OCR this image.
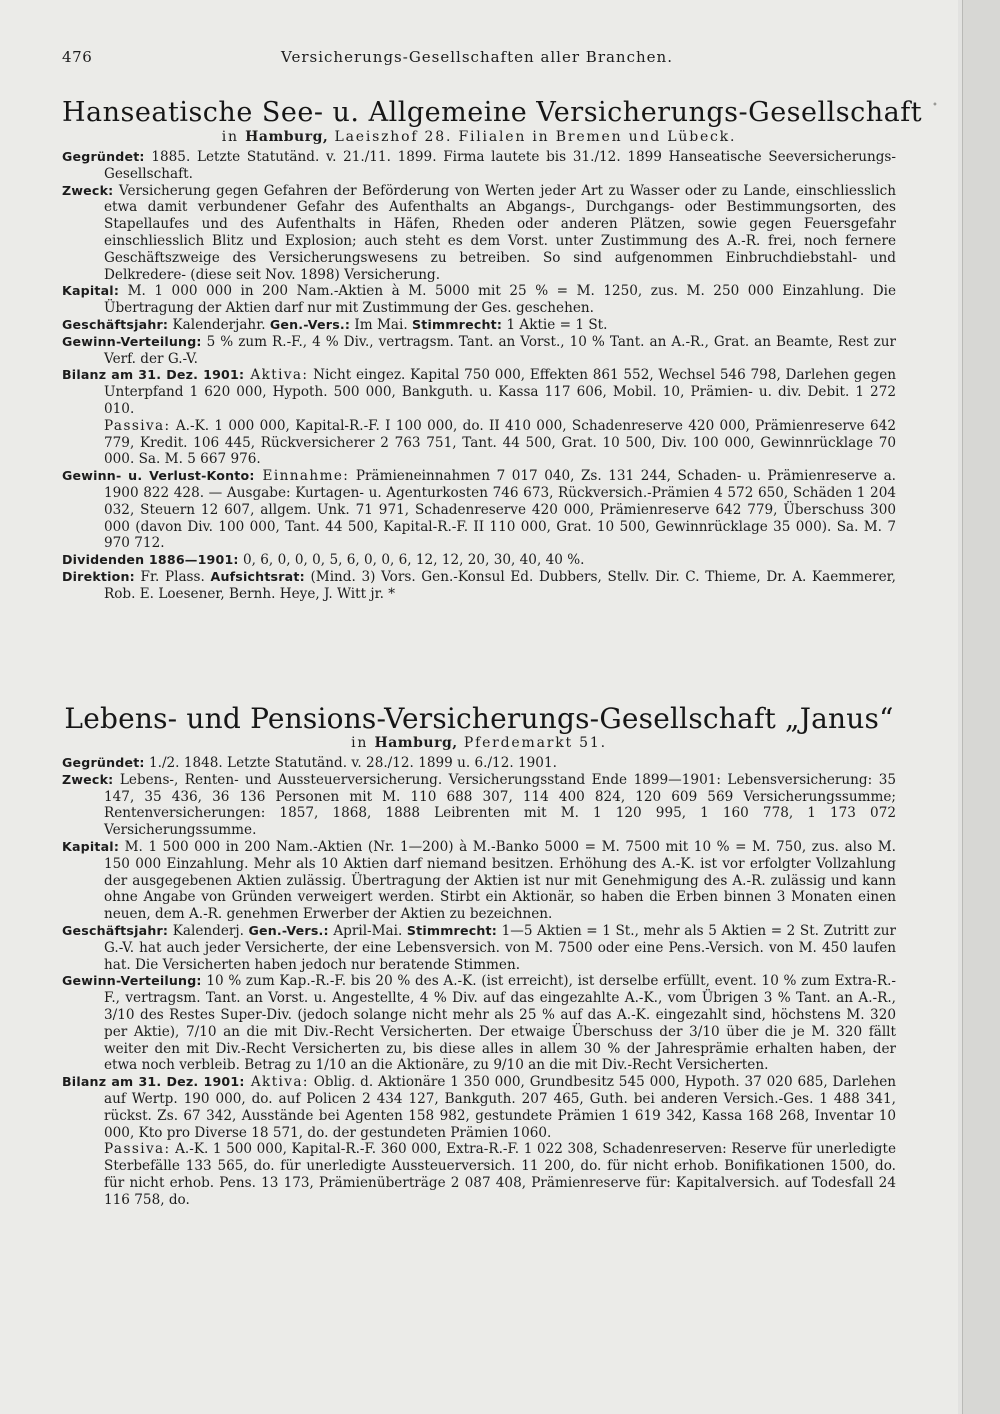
476	Versicherungs-Gesellschaften aller Branchen.
•
Hanseatische See- u. Allgemeine Versicherungs-Gesellschaft
in Hamburg, Laeiszhof 28. Filialen in Bremen und Lübeck.

Gegründet: 1885. Letzte Statutänd. v. 21./11. 1899. Firma lautete bis 31./12. 1899 Hanseatische Seeversicherungs-Gesellschaft.

Zweck: Versicherung gegen Gefahren der Beförderung von Werten jeder Art zu Wasser oder zu Lande, einschliesslich etwa damit verbundener Gefahr des Aufenthalts an Abgangs-, Durchgangs- oder Bestimmungsorten, des Stapellaufes und des Aufenthalts in Häfen, Rheden oder anderen Plätzen, sowie gegen Feuersgefahr einschliesslich Blitz und Explosion; auch steht es dem Vorst. unter Zustimmung des A.-R. frei, noch fernere Geschäftszweige des Versicherungswesens zu betreiben. So sind aufgenommen Einbruchdiebstahl- und Delkredere- (diese seit Nov. 1898) Versicherung.

Kapital: M. 1 000 000 in 200 Nam.-Aktien à M. 5000 mit 25 % = M. 1250, zus. M. 250 000 Einzahlung. Die Übertragung der Aktien darf nur mit Zustimmung der Ges. geschehen.

Geschäftsjahr: Kalenderjahr. Gen.-Vers.: Im Mai. Stimmrecht: 1 Aktie = 1 St.

Gewinn-Verteilung: 5 % zum R.-F., 4 % Div., vertragsm. Tant. an Vorst., 10 % Tant. an A.-R., Grat. an Beamte, Rest zur Verf. der G.-V.

Bilanz am 31. Dez. 1901: Aktiva: Nicht eingez. Kapital 750 000, Effekten 861 552, Wechsel 546 798, Darlehen gegen Unterpfand 1 620 000, Hypoth. 500 000, Bankguth. u. Kassa 117 606, Mobil. 10, Prämien- u. div. Debit. 1 272 010.

Passiva: A.-K. 1 000 000, Kapital-R.-F. I 100 000, do. II 410 000, Schadenreserve 420 000, Prämienreserve 642 779, Kredit. 106 445, Rückversicherer 2 763 751, Tant. 44 500, Grat. 10 500, Div. 100 000, Gewinnrücklage 70 000. Sa. M. 5 667 976.

Gewinn- u. Verlust-Konto: Einnahme: Prämieneinnahmen 7 017 040, Zs. 131 244, Schaden- u. Prämienreserve a. 1900 822 428. — Ausgabe: Kurtagen- u. Agenturkosten 746 673, Rückversich.-Prämien 4 572 650, Schäden 1 204 032, Steuern 12 607, allgem. Unk. 71 971, Schadenreserve 420 000, Prämienreserve 642 779, Überschuss 300 000 (davon Div. 100 000, Tant. 44 500, Kapital-R.-F. II 110 000, Grat. 10 500, Gewinnrücklage 35 000). Sa. M. 7 970 712.

Dividenden 1886—1901: 0, 6, 0, 0, 0, 5, 6, 0, 0, 6, 12, 12, 20, 30, 40, 40 %.

Direktion: Fr. Plass. Aufsichtsrat: (Mind. 3) Vors. Gen.-Konsul Ed. Dubbers, Stellv. Dir. C. Thieme, Dr. A. Kaemmerer, Rob. E. Loesener, Bernh. Heye, J. Witt jr. *

Lebens- und Pensions-Versicherungs-Gesellschaft „Janus“
in Hamburg, Pferdemarkt 51.

Gegründet: 1./2. 1848. Letzte Statutänd. v. 28./12. 1899 u. 6./12. 1901.

Zweck: Lebens-, Renten- und Aussteuerversicherung. Versicherungsstand Ende 1899—1901: Lebensversicherung: 35 147, 35 436, 36 136 Personen mit M. 110 688 307, 114 400 824, 120 609 569 Versicherungssumme; Rentenversicherungen: 1857, 1868, 1888 Leibrenten mit M. 1 120 995, 1 160 778, 1 173 072 Versicherungssumme.

Kapital: M. 1 500 000 in 200 Nam.-Aktien (Nr. 1—200) à M.-Banko 5000 = M. 7500 mit 10 % = M. 750, zus. also M. 150 000 Einzahlung. Mehr als 10 Aktien darf niemand besitzen. Erhöhung des A.-K. ist vor erfolgter Vollzahlung der ausgegebenen Aktien zulässig. Übertragung der Aktien ist nur mit Genehmigung des A.-R. zulässig und kann ohne Angabe von Gründen verweigert werden. Stirbt ein Aktionär, so haben die Erben binnen 3 Monaten einen neuen, dem A.-R. genehmen Erwerber der Aktien zu bezeichnen.

Geschäftsjahr: Kalenderj. Gen.-Vers.: April-Mai. Stimmrecht: 1—5 Aktien = 1 St., mehr als 5 Aktien = 2 St. Zutritt zur G.-V. hat auch jeder Versicherte, der eine Lebensversich. von M. 7500 oder eine Pens.-Versich. von M. 450 laufen hat. Die Versicherten haben jedoch nur beratende Stimmen.

Gewinn-Verteilung: 10 % zum Kap.-R.-F. bis 20 % des A.-K. (ist erreicht), ist derselbe erfüllt, event. 10 % zum Extra-R.-F., vertragsm. Tant. an Vorst. u. Angestellte, 4 % Div. auf das eingezahlte A.-K., vom Übrigen 3 % Tant. an A.-R., 3/10 des Restes Super-Div. (jedoch solange nicht mehr als 25 % auf das A.-K. eingezahlt sind, höchstens M. 320 per Aktie), 7/10 an die mit Div.-Recht Versicherten. Der etwaige Überschuss der 3/10 über die je M. 320 fällt weiter den mit Div.-Recht Versicherten zu, bis diese alles in allem 30 % der Jahresprämie erhalten haben, der etwa noch verbleib. Betrag zu 1/10 an die Aktionäre, zu 9/10 an die mit Div.-Recht Versicherten.

Bilanz am 31. Dez. 1901: Aktiva: Oblig. d. Aktionäre 1 350 000, Grundbesitz 545 000, Hypoth. 37 020 685, Darlehen auf Wertp. 190 000, do. auf Policen 2 434 127, Bankguth. 207 465, Guth. bei anderen Versich.-Ges. 1 488 341, rückst. Zs. 67 342, Ausstände bei Agenten 158 982, gestundete Prämien 1 619 342, Kassa 168 268, Inventar 10 000, Kto pro Diverse 18 571, do. der gestundeten Prämien 1060.

Passiva: A.-K. 1 500 000, Kapital-R.-F. 360 000, Extra-R.-F. 1 022 308, Schadenreserven: Reserve für unerledigte Sterbefälle 133 565, do. für unerledigte Aussteuerversich. 11 200, do. für nicht erhob. Bonifikationen 1500, do. für nicht erhob. Pens. 13 173, Prämienüberträge 2 087 408, Prämienreserve für: Kapitalversich. auf Todesfall 24 116 758, do.
